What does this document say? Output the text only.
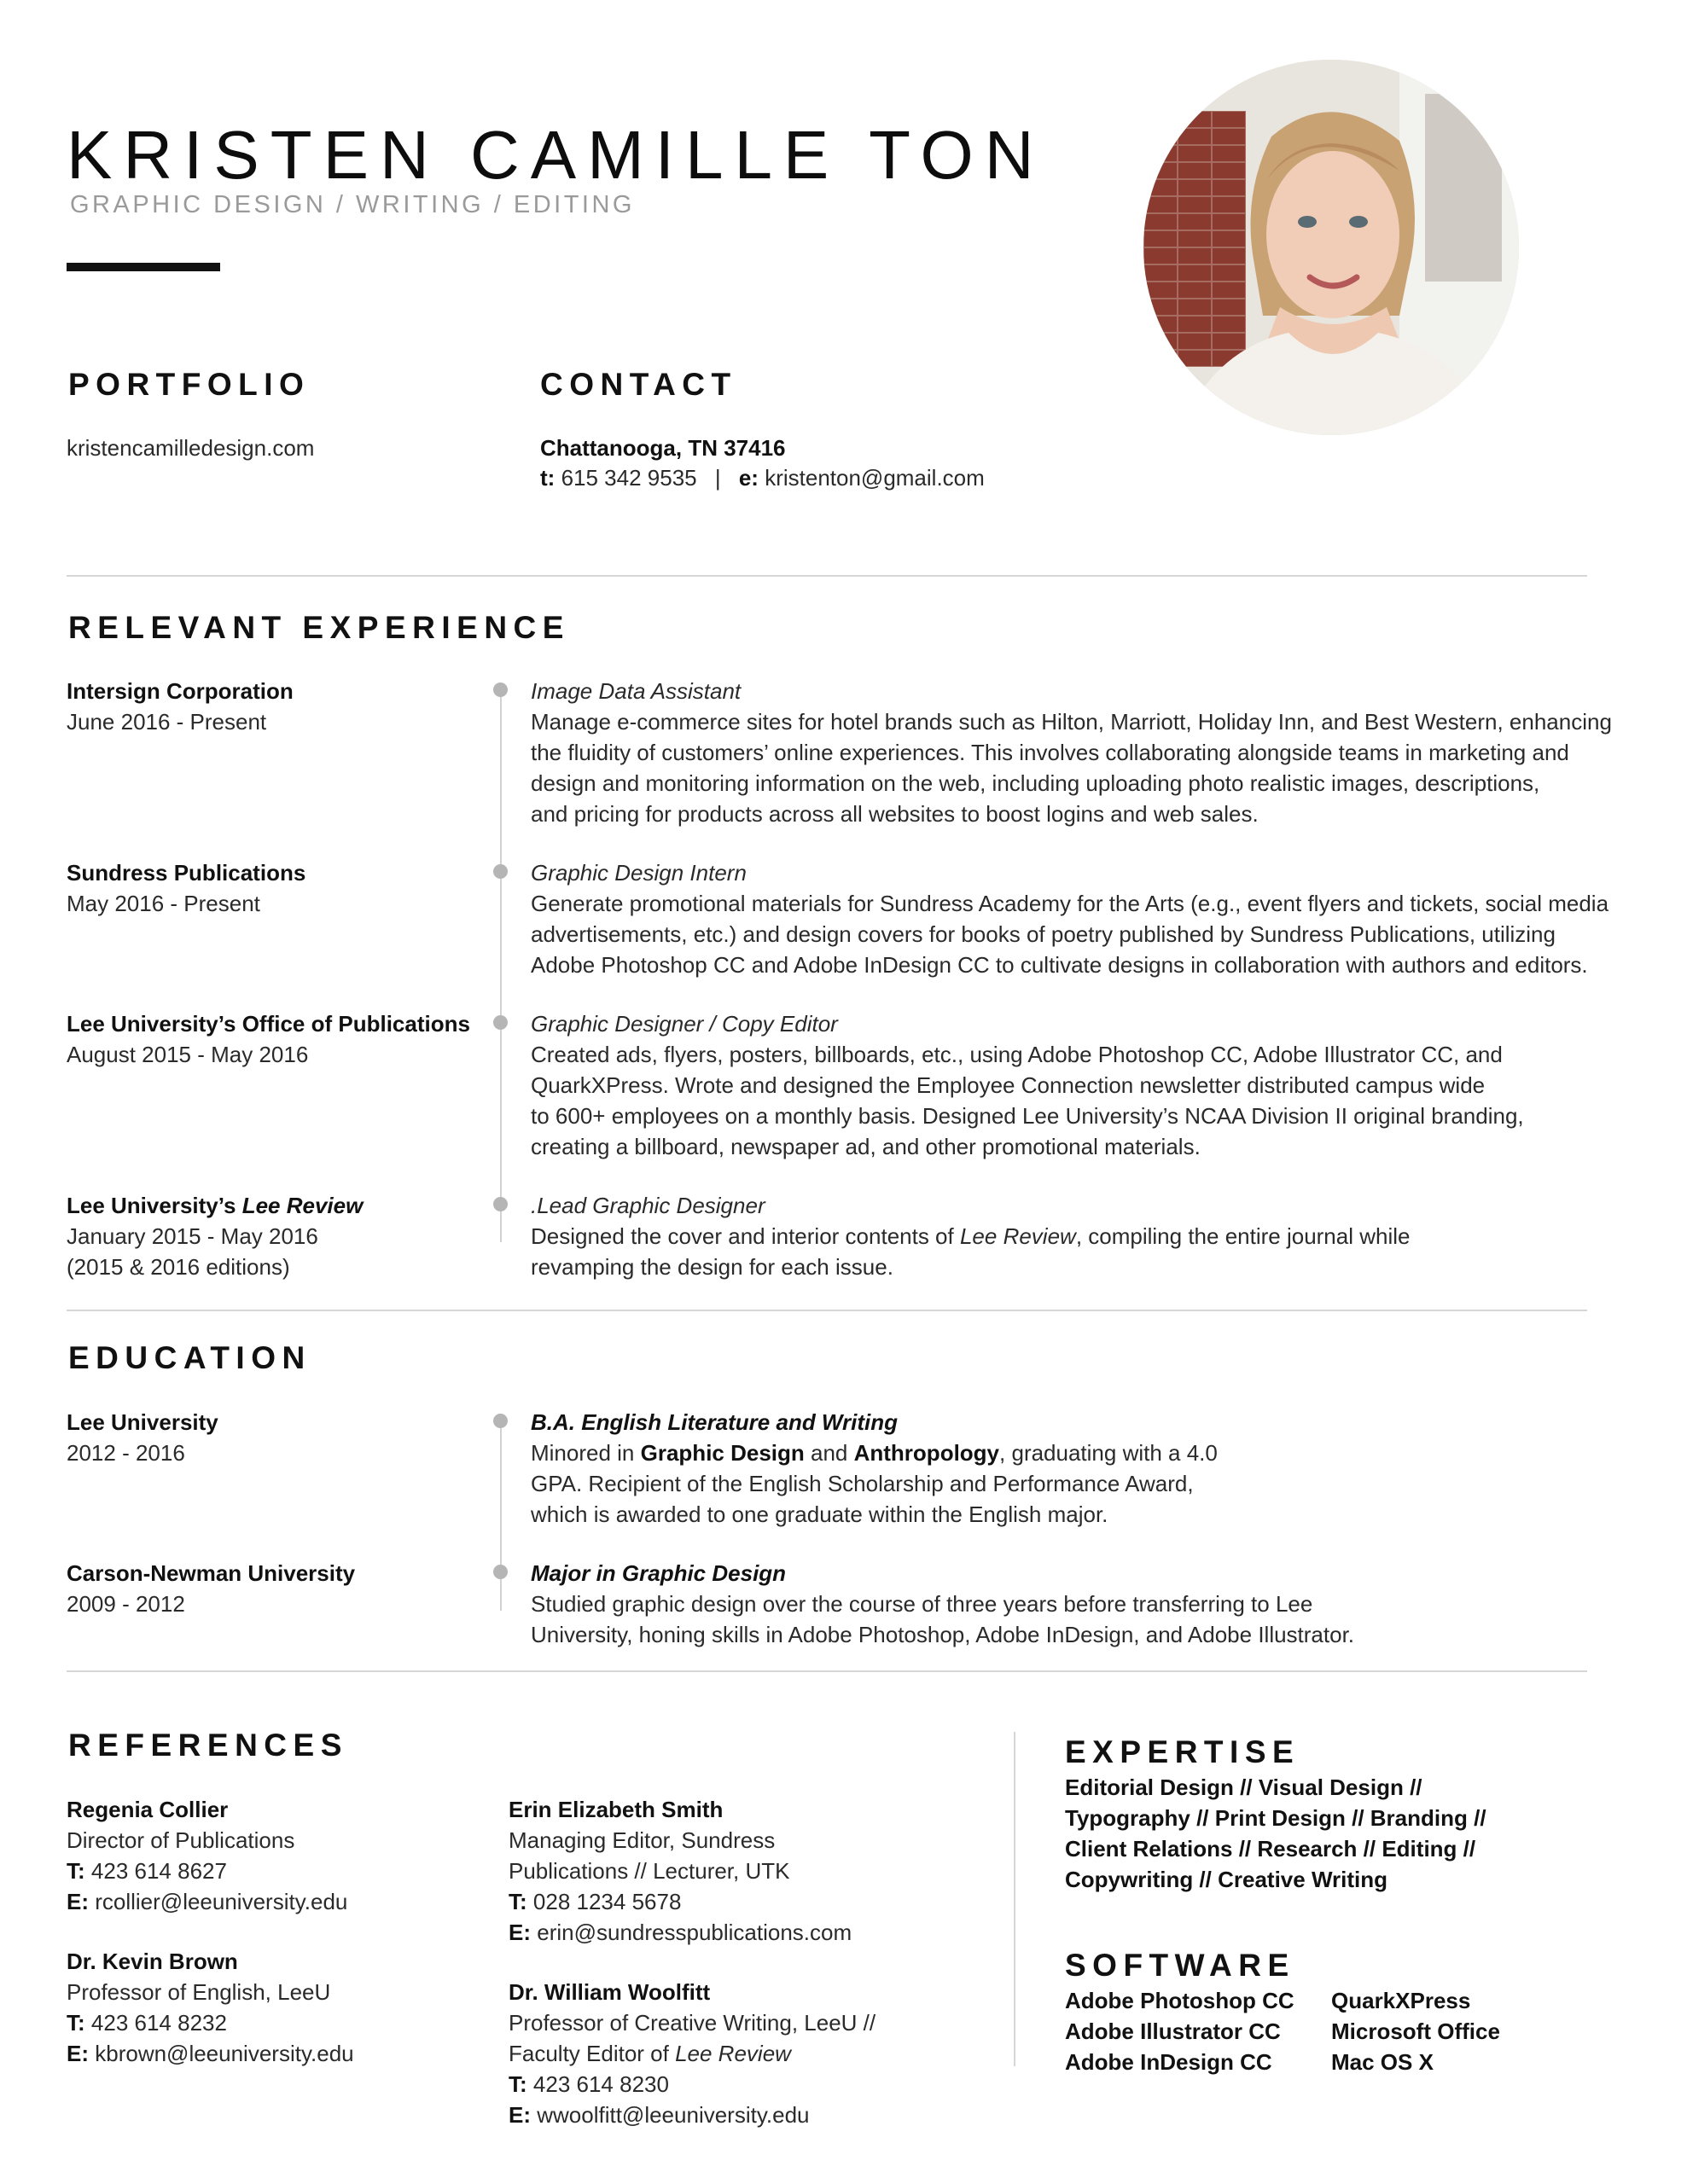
KRISTEN CAMILLE TON
GRAPHIC DESIGN / WRITING / EDITING
PORTFOLIO
kristencamilledesign.com
CONTACT
Chattanooga, TN 37416
t: 615 342 9535 | e: kristenton@gmail.com
RELEVANT EXPERIENCE
Intersign Corporation
June 2016 - Present
Image Data Assistant
Manage e-commerce sites for hotel brands such as Hilton, Marriott, Holiday Inn, and Best Western, enhancing
the fluidity of customers’ online experiences. This involves collaborating alongside teams in marketing and
design and monitoring information on the web, including uploading photo realistic images, descriptions,
and pricing for products across all websites to boost logins and web sales.
Sundress Publications
May 2016 - Present
Graphic Design Intern
Generate promotional materials for Sundress Academy for the Arts (e.g., event flyers and tickets, social media
advertisements, etc.) and design covers for books of poetry published by Sundress Publications, utilizing
Adobe Photoshop CC and Adobe InDesign CC to cultivate designs in collaboration with authors and editors.
Lee University’s Office of Publications
August 2015 - May 2016
Graphic Designer / Copy Editor
Created ads, flyers, posters, billboards, etc., using Adobe Photoshop CC, Adobe Illustrator CC, and
QuarkXPress. Wrote and designed the Employee Connection newsletter distributed campus wide
to 600+ employees on a monthly basis. Designed Lee University’s NCAA Division II original branding,
creating a billboard, newspaper ad, and other promotional materials.
Lee University’s Lee Review
January 2015 - May 2016
(2015 & 2016 editions)
.Lead Graphic Designer
Designed the cover and interior contents of Lee Review, compiling the entire journal while
revamping the design for each issue.
EDUCATION
Lee University
2012 - 2016
B.A. English Literature and Writing
Minored in Graphic Design and Anthropology, graduating with a 4.0
GPA. Recipient of the English Scholarship and Performance Award,
which is awarded to one graduate within the English major.
Carson-Newman University
2009 - 2012
Major in Graphic Design
Studied graphic design over the course of three years before transferring to Lee
University, honing skills in Adobe Photoshop, Adobe InDesign, and Adobe Illustrator.
REFERENCES
Regenia Collier
Director of Publications
T: 423 614 8627
E: rcollier@leeuniversity.edu
Dr. Kevin Brown
Professor of English, LeeU
T: 423 614 8232
E: kbrown@leeuniversity.edu
Erin Elizabeth Smith
Managing Editor, Sundress
Publications // Lecturer, UTK
T: 028 1234 5678
E: erin@sundresspublications.com
Dr. William Woolfitt
Professor of Creative Writing, LeeU //
Faculty Editor of Lee Review
T: 423 614 8230
E: wwoolfitt@leeuniversity.edu
EXPERTISE
Editorial Design // Visual Design //
Typography // Print Design // Branding //
Client Relations // Research // Editing //
Copywriting // Creative Writing
SOFTWARE
Adobe Photoshop CC
Adobe Illustrator CC
Adobe InDesign CC
QuarkXPress
Microsoft Office
Mac OS X
